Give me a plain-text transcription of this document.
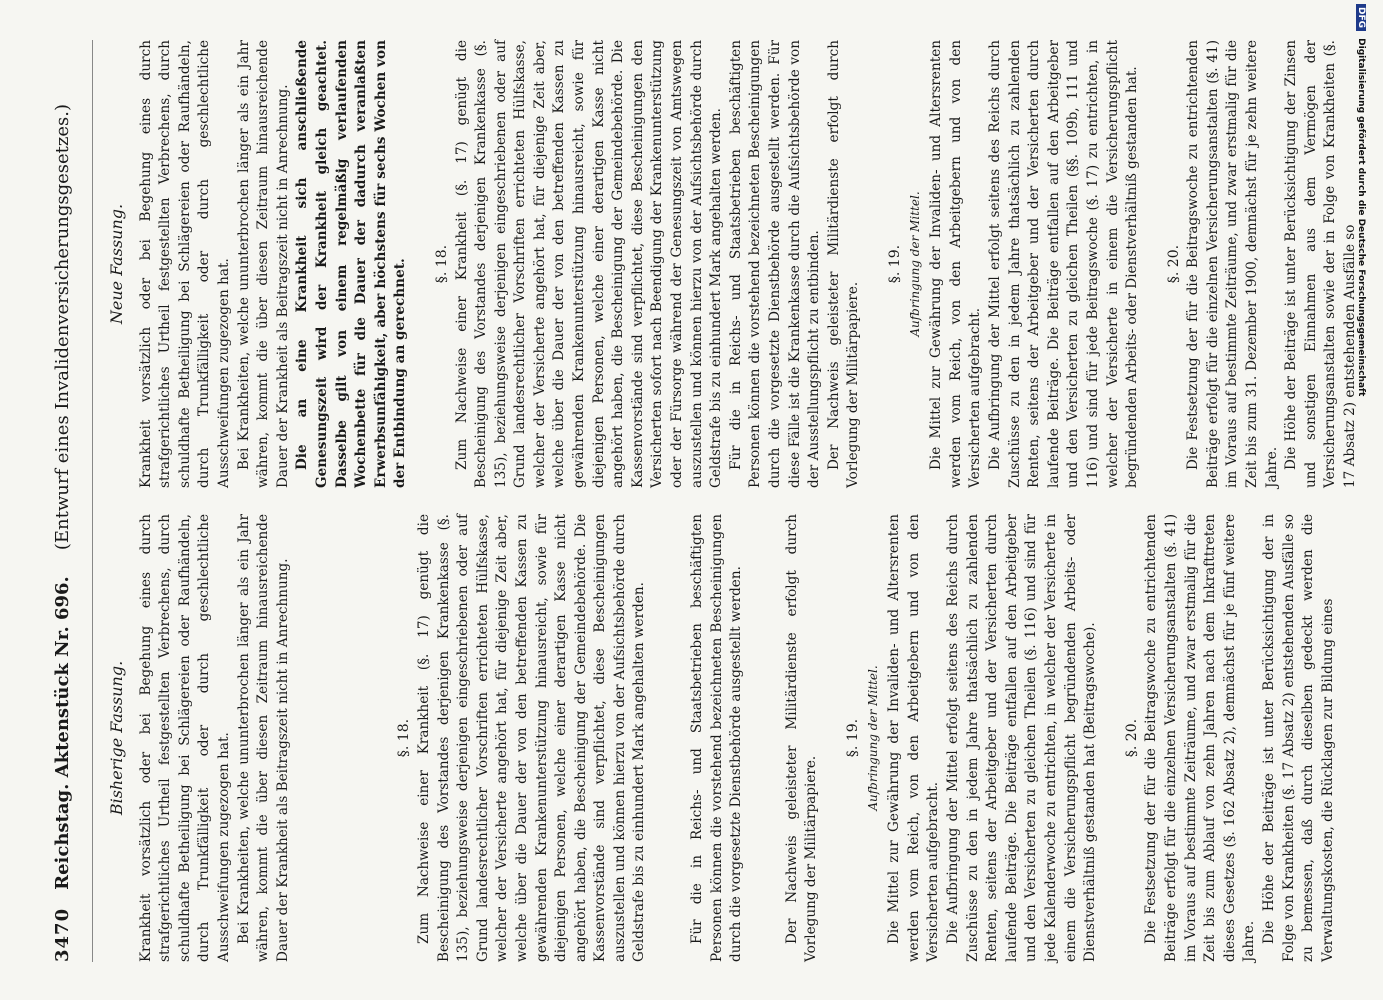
3470
Reichstag. Aktenstück Nr. 696.
(Entwurf eines Invalidenversicherungsgesetzes.)
Bisherige Fassung. Krankheit vorsätzlich oder bei Begehung eines durch strafgerichtliches Urtheil festgestellten Verbrechens, durch schuldhafte Betheiligung bei Schlägereien oder Raufhändeln, durch Trunkfälligkeit oder durch geschlechtliche Ausschweifungen zugezogen hat. Bei Krankheiten, welche ununterbrochen länger als ein Jahr währen, kommt die über diesen Zeitraum hinausreichende Dauer der Krankheit als Beitragszeit nicht in Anrechnung.	§. 18. Zum Nachweise einer Krankheit (§. 17) genügt die Bescheinigung des Vorstandes derjenigen Krankenkasse (§. 135), beziehungsweise derjenigen eingeschriebenen oder auf Grund landesrechtlicher Vorschriften errichteten Hülfskasse, welcher der Versicherte angehört hat, für diejenige Zeit aber, welche über die Dauer der von den betreffenden Kassen zu gewährenden Krankenunterstützung hinausreicht, sowie für diejenigen Personen, welche einer derartigen Kasse nicht angehört haben, die Bescheinigung der Gemeindebehörde. Die Kassenvorstände sind verpflichtet, diese Bescheinigungen auszustellen und können hierzu von der Aufsichtsbehörde durch Geldstrafe bis zu einhundert Mark angehalten werden.	Für die in Reichs- und Staatsbetrieben beschäftigten Personen können die vorstehend bezeichneten Bescheinigungen durch die vorgesetzte Dienstbehörde ausgestellt werden.	Der Nachweis geleisteter Militärdienste erfolgt durch Vorlegung der Militärpapiere.

§. 19. Aufbringung der Mittel. Die Mittel zur Gewährung der Invaliden- und Altersrenten werden vom Reich, von den Arbeitgebern und von den Versicherten aufgebracht. Die Aufbringung der Mittel erfolgt seitens des Reichs durch Zuschüsse zu den in jedem Jahre thatsächlich zu zahlenden Renten, seitens der Arbeitgeber und der Versicherten durch laufende Beiträge. Die Beiträge entfallen auf den Arbeitgeber und den Versicherten zu gleichen Theilen (§. 116) und sind für jede Kalenderwoche zu entrichten, in welcher der Versicherte in einem die Versicherungspflicht begründenden Arbeits- oder Dienstverhältniß gestanden hat (Beitragswoche). §. 20. Die Festsetzung der für die Beitragswoche zu entrichtenden Beiträge erfolgt für die einzelnen Versicherungsanstalten (§. 41) im Voraus auf bestimmte Zeiträume, und zwar erstmalig für die Zeit bis zum Ablauf von zehn Jahren nach dem Inkrafttreten dieses Gesetzes (§. 162 Absatz 2), demnächst für je fünf weitere Jahre. Die Höhe der Beiträge ist unter Berücksichtigung der in Folge von Krankheiten (§. 17 Absatz 2) entstehenden Ausfälle so zu bemessen, daß durch dieselben gedeckt werden die Verwaltungskosten, die Rücklagen zur Bildung eines

Neue Fassung. Krankheit vorsätzlich oder bei Begehung eines durch strafgerichtliches Urtheil festgestellten Verbrechens, durch schuldhafte Betheiligung bei Schlägereien oder Raufhändeln, durch Trunkfälligkeit oder durch geschlechtliche Ausschweifungen zugezogen hat. Bei Krankheiten, welche ununterbrochen länger als ein Jahr währen, kommt die über diesen Zeitraum hinausreichende Dauer der Krankheit als Beitragszeit nicht in Anrechnung. Die an eine Krankheit sich anschließende Genesungszeit wird der Krankheit gleich geachtet. Dasselbe gilt von einem regelmäßig verlaufenden Wochenbette für die Dauer der dadurch veranlaßten Erwerbsunfähigkeit, aber höchstens für sechs Wochen von der Entbindung an gerechnet. §. 18. Zum Nachweise einer Krankheit (§. 17) genügt die Bescheinigung des Vorstandes derjenigen Krankenkasse (§. 135), beziehungsweise derjenigen eingeschriebenen oder auf Grund landesrechtlicher Vorschriften errichteten Hülfskasse, welcher der Versicherte angehört hat, für diejenige Zeit aber, welche über die Dauer der von den betreffenden Kassen zu gewährenden Krankenunterstützung hinausreicht, sowie für diejenigen Personen, welche einer derartigen Kasse nicht angehört haben, die Bescheinigung der Gemeindebehörde. Die Kassenvorstände sind verpflichtet, diese Bescheinigungen den Versicherten sofort nach Beendigung der Krankenunterstützung oder der Fürsorge während der Genesungszeit von Amtswegen auszustellen und können hierzu von der Aufsichtsbehörde durch Geldstrafe bis zu einhundert Mark angehalten werden. Für die in Reichs- und Staatsbetrieben beschäftigten Personen können die vorstehend bezeichneten Bescheinigungen durch die vorgesetzte Dienstbehörde ausgestellt werden. Für diese Fälle ist die Krankenkasse durch die Aufsichtsbehörde von der Ausstellungspflicht zu entbinden. Der Nachweis geleisteter Militärdienste erfolgt durch Vorlegung der Militärpapiere.

§. 19. Aufbringung der Mittel. Die Mittel zur Gewährung der Invaliden- und Altersrenten werden vom Reich, von den Arbeitgebern und von den Versicherten aufgebracht. Die Aufbringung der Mittel erfolgt seitens des Reichs durch Zuschüsse zu den in jedem Jahre thatsächlich zu zahlenden Renten, seitens der Arbeitgeber und der Versicherten durch laufende Beiträge. Die Beiträge entfallen auf den Arbeitgeber und den Versicherten zu gleichen Theilen (§§. 109b, 111 und 116) und sind für jede Beitragswoche (§. 17) zu entrichten, in welcher der Versicherte in einem die Versicherungspflicht begründenden Arbeits- oder Dienstverhältniß gestanden hat. §. 20. Die Festsetzung der für die Beitragswoche zu entrichtenden Beiträge erfolgt für die einzelnen Versicherungsanstalten (§. 41) im Voraus auf bestimmte Zeiträume, und zwar erstmalig für die Zeit bis zum 31. Dezember 1900, demnächst für je zehn weitere Jahre. Die Höhe der Beiträge ist unter Berücksichtigung der Zinsen und sonstigen Einnahmen aus dem Vermögen der Versicherungsanstalten sowie der in Folge von Krankheiten (§. 17 Absatz 2) entstehenden Ausfälle so

DFG Digitalisierung gefördert durch die Deutsche Forschungsgemeinschaft
